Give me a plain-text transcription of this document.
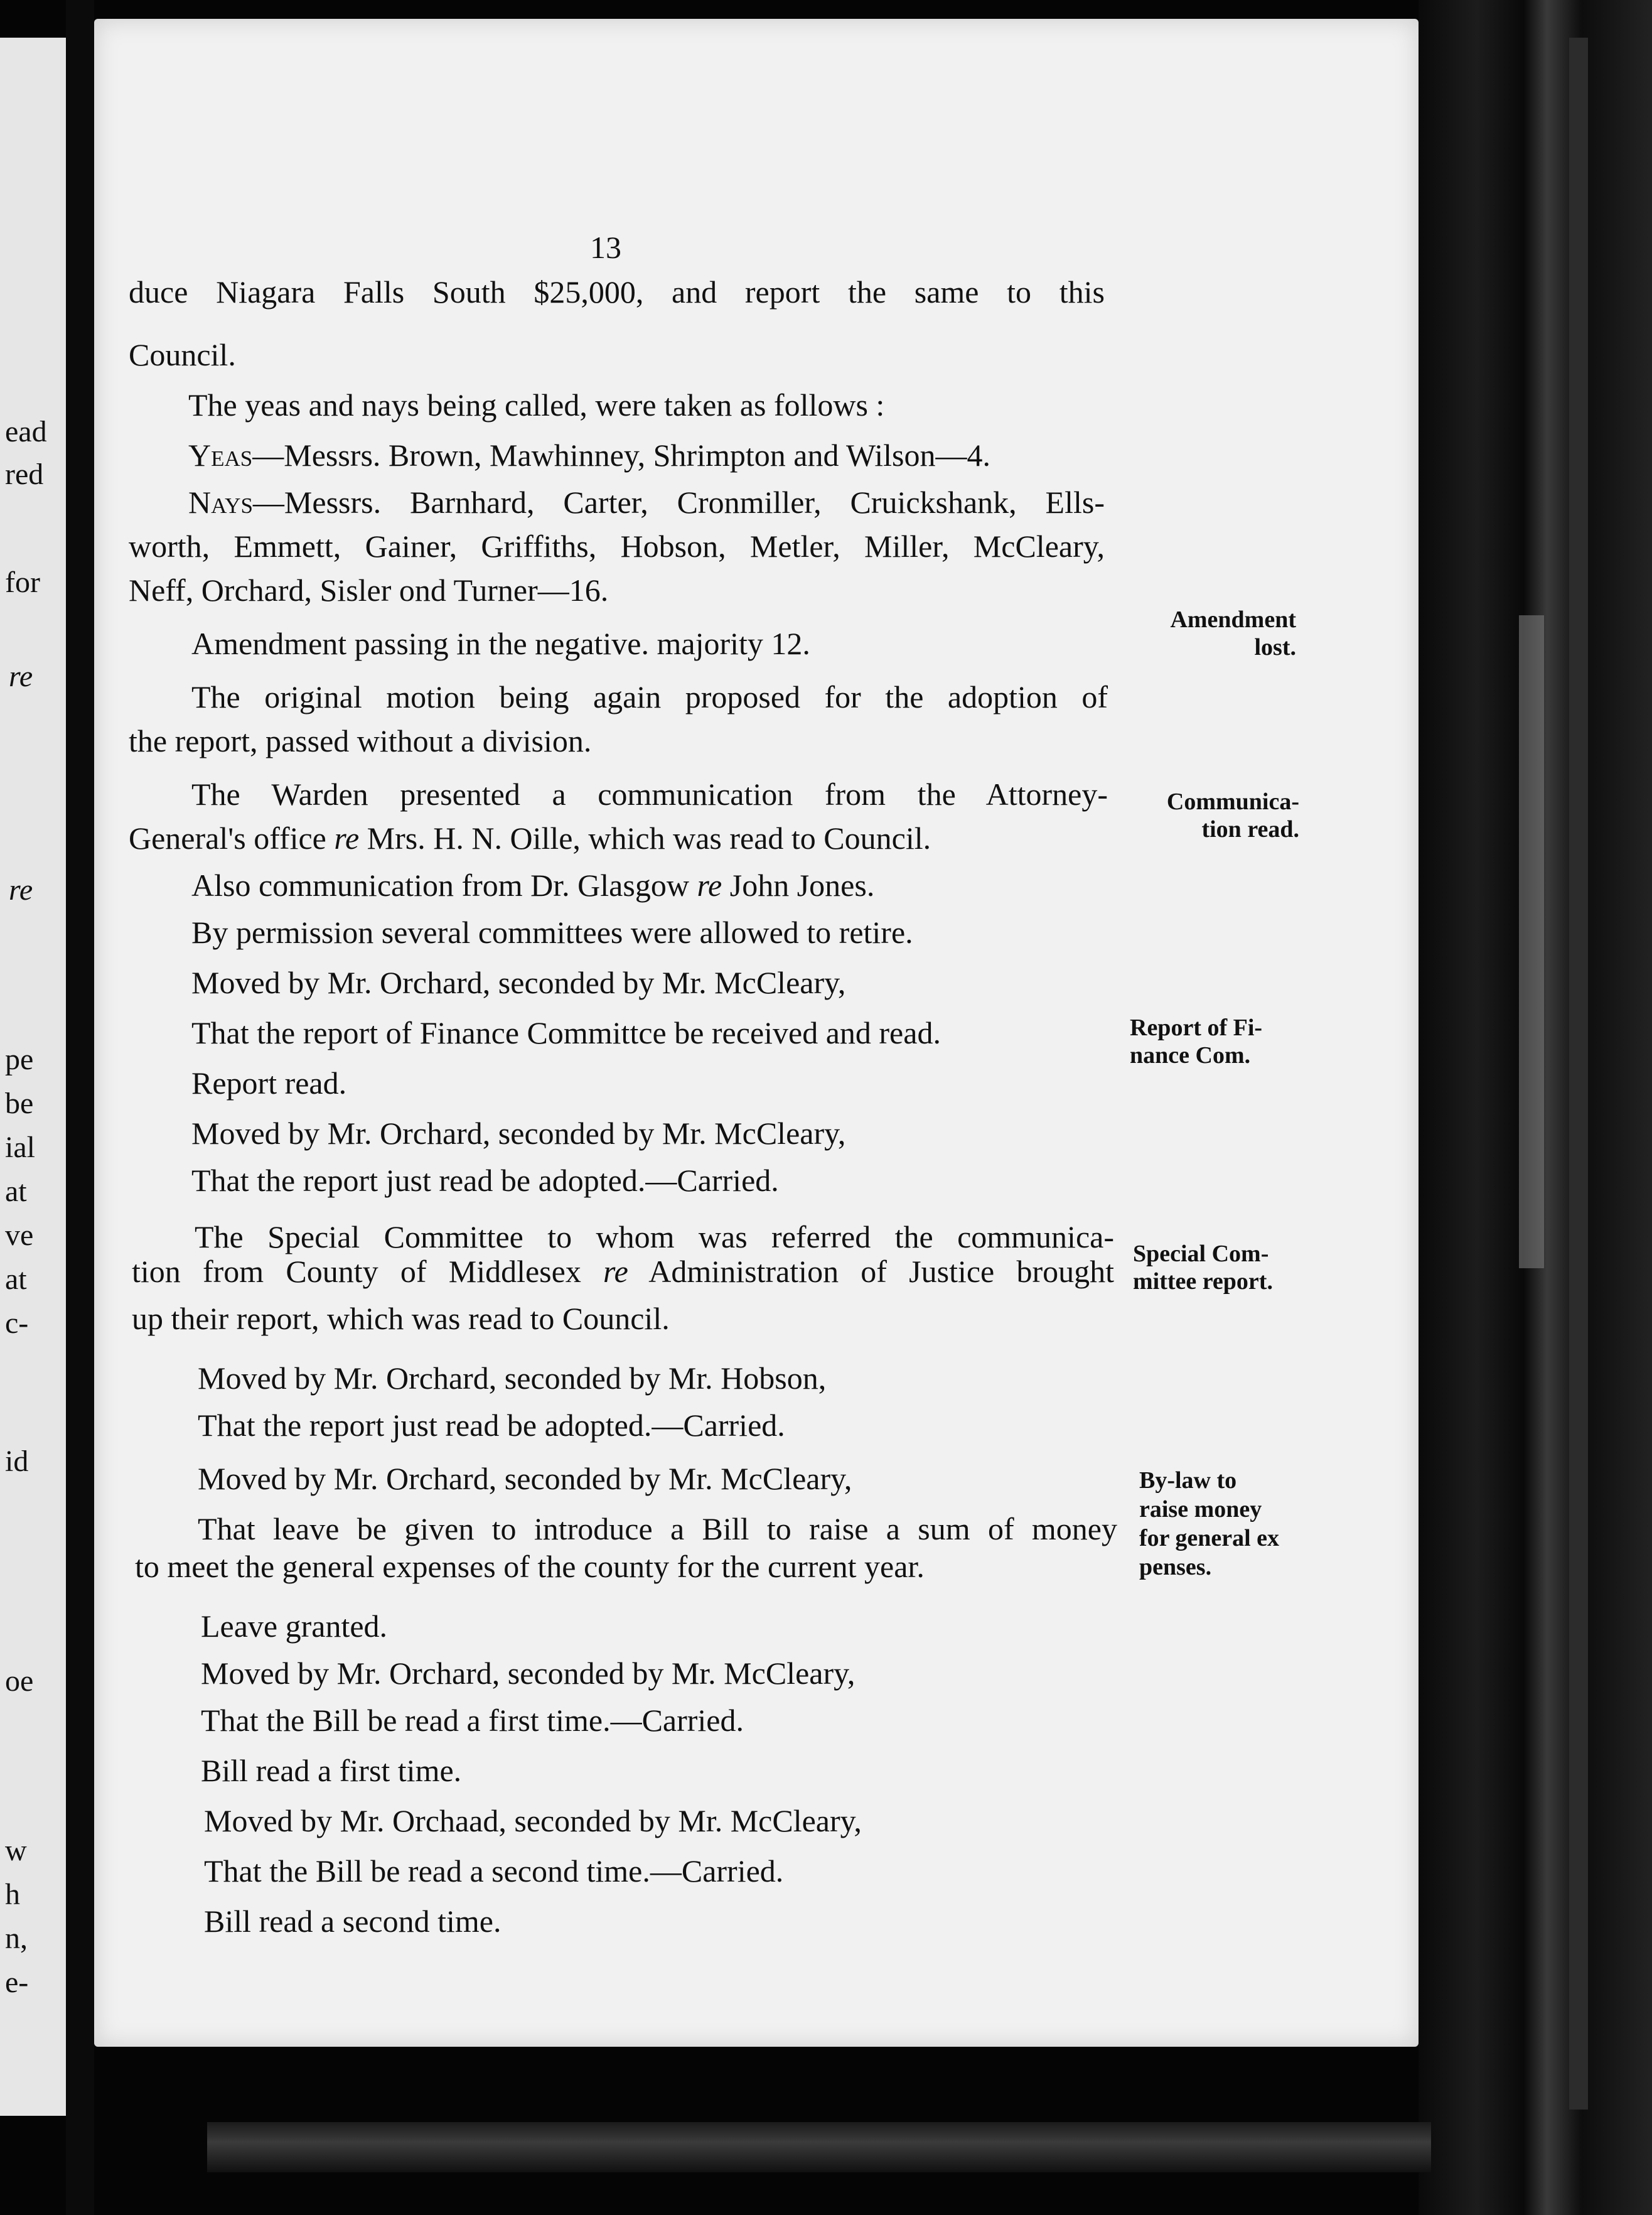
ead
red
for
re
re
pe
be
ial
at
ve
at
c-
id
oe
w
h
n,
e-
13
duce Niagara Falls South $25,000, and report the same to this
Council.
The yeas and nays being called, were taken as follows :
Yeas—Messrs. Brown, Mawhinney, Shrimpton and Wilson—4.
Nays—Messrs. Barnhard, Carter, Cronmiller, Cruickshank, Ells-
worth, Emmett, Gainer, Griffiths, Hobson, Metler, Miller, McCleary,
Neff, Orchard, Sisler ond Turner—16.
Amendment passing in the negative. majority 12.
The original motion being again proposed for the adoption of
the report, passed without a division.
The Warden presented a communication from the Attorney-
General's office re Mrs. H. N. Oille, which was read to Council.
Also communication from Dr. Glasgow re John Jones.
By permission several committees were allowed to retire.
Moved by Mr. Orchard, seconded by Mr. McCleary,
That the report of Finance Committce be received and read.
Report read.
Moved by Mr. Orchard, seconded by Mr. McCleary,
That the report just read be adopted.—Carried.
The Special Committee to whom was referred the communica-
tion from County of Middlesex re Administration of Justice brought
up their report, which was read to Council.
Moved by Mr. Orchard, seconded by Mr. Hobson,
That the report just read be adopted.—Carried.
Moved by Mr. Orchard, seconded by Mr. McCleary,
That leave be given to introduce a Bill to raise a sum of money
to meet the general expenses of the county for the current year.
Leave granted.
Moved by Mr. Orchard, seconded by Mr. McCleary,
That the Bill be read a first time.—Carried.
Bill read a first time.
Moved by Mr. Orchaad, seconded by Mr. McCleary,
That the Bill be read a second time.—Carried.
Bill read a second time.
Amendment
lost.
Communica-
tion read.
Report of Fi-
nance Com.
Special Com-
mittee report.
By-law to
raise money
for general ex
penses.
